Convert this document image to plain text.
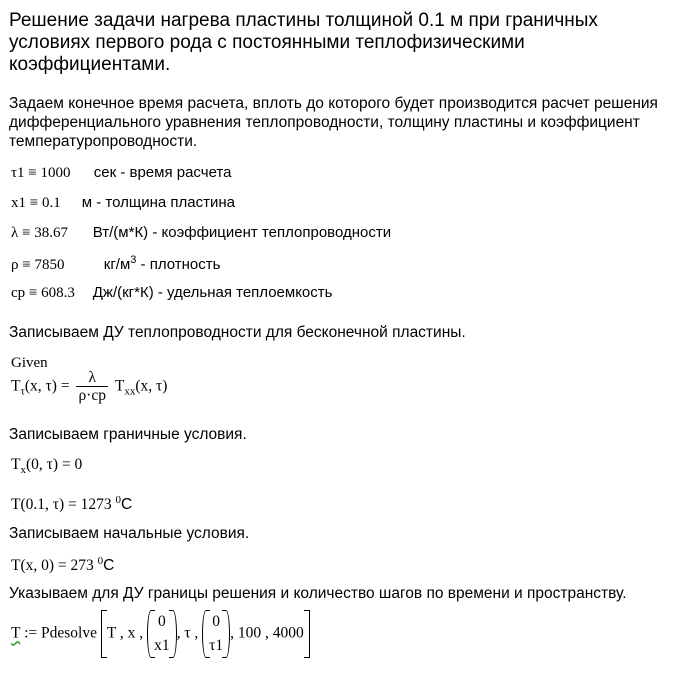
Решение задачи нагрева пластины толщиной 0.1 м при граничных
условиях первого рода с постоянными теплофизическими
коэффициентами.
Задаем конечное время расчета, вплоть до которого будет производится расчет решения
дифференциального уравнения теплопроводности, толщину пластины и коэффициент
температуропроводности.
τ1 ≡ 1000 сек - время расчета
x1 ≡ 0.1 м - толщина пластина
λ ≡ 38.67 Вт/(м*К) - коэффициент теплопроводности
ρ ≡ 7850	$кг/м^3$ - плотность
cp ≡ 608.3 Дж/(кг*К) - удельная теплоемкость
Записываем ДУ теплопроводности для бесконечной пластины.
Given
$T_\tau(x$, $\tau) = \frac{\lambda}{\rho\cdot cp} T_{xx}(x$, τ)
Записываем граничные условия.
$T_x(0$, τ) = 0
T(0.1, τ) = 1273 $^0$C
Записываем начальные условия.
T(x, 0) = 273 $^0$C
Указываем для ДУ границы решения и количество шагов по времени и пространству.
T := Pdesolve T , x ,
0
x1
, τ ,
0
τ1
, 100 , 4000
